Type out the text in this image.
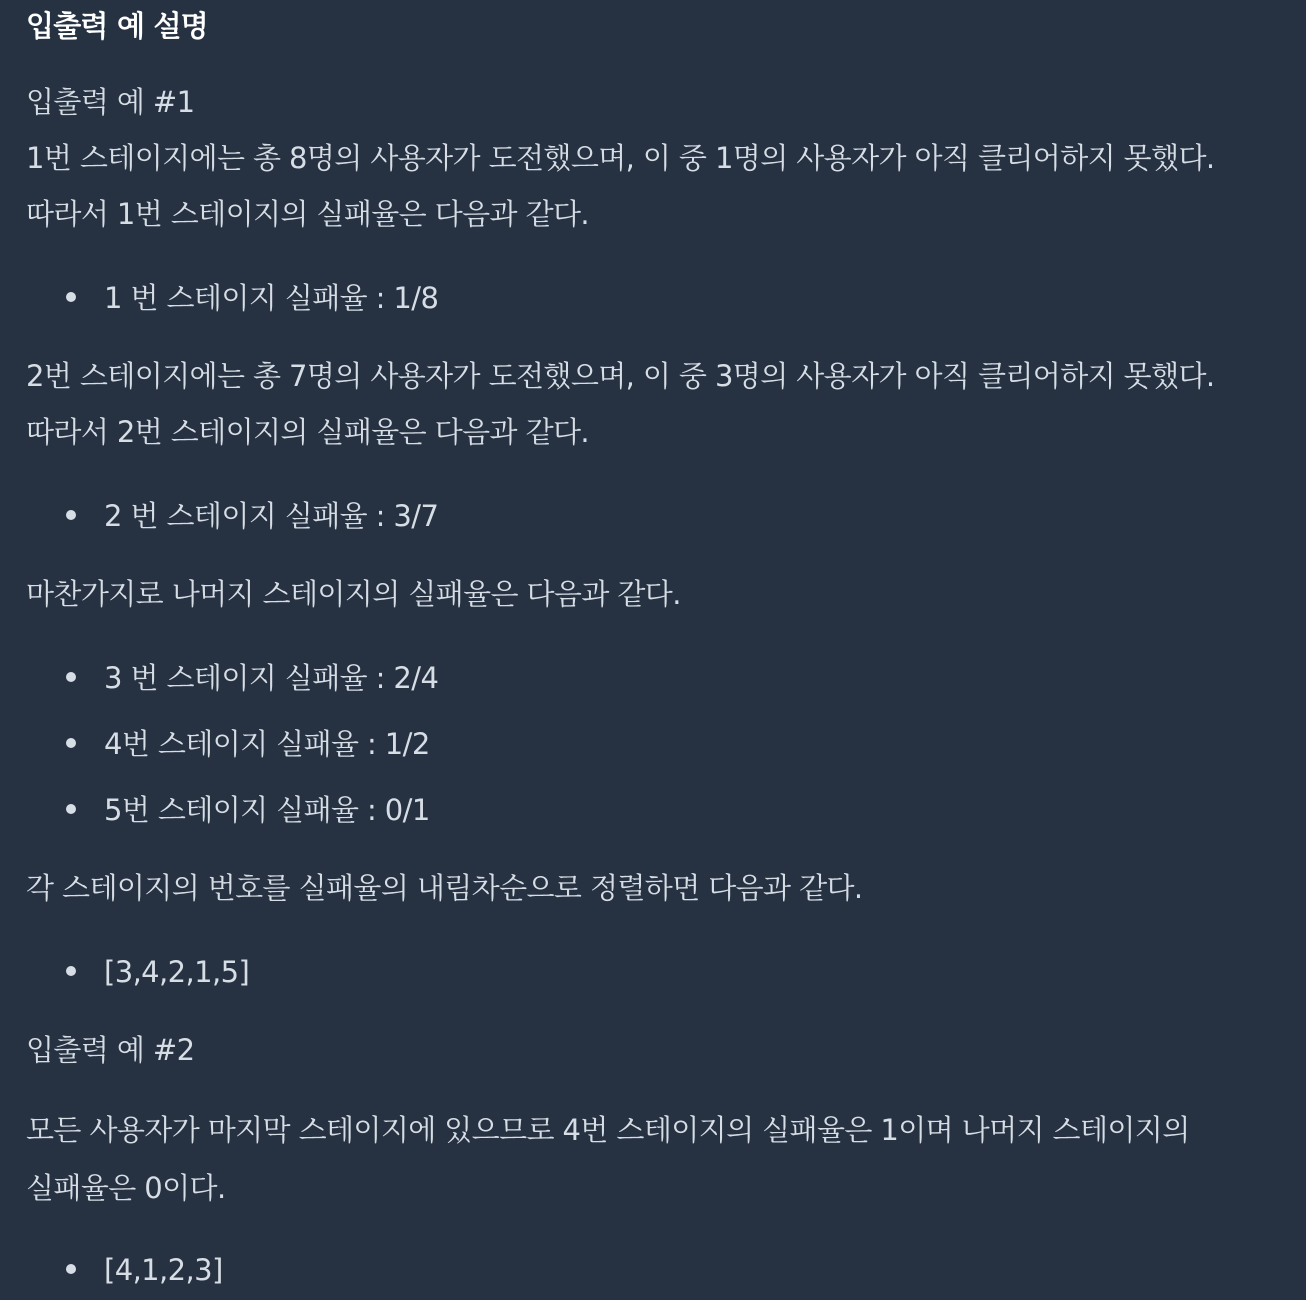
입출력 예 설명
입출력 예 #1
1번 스테이지에는 총 8명의 사용자가 도전했으며, 이 중 1명의 사용자가 아직 클리어하지 못했다.
따라서 1번 스테이지의 실패율은 다음과 같다.
1 번 스테이지 실패율 : 1/8
2번 스테이지에는 총 7명의 사용자가 도전했으며, 이 중 3명의 사용자가 아직 클리어하지 못했다.
따라서 2번 스테이지의 실패율은 다음과 같다.
2 번 스테이지 실패율 : 3/7
마찬가지로 나머지 스테이지의 실패율은 다음과 같다.
3 번 스테이지 실패율 : 2/4
4번 스테이지 실패율 : 1/2
5번 스테이지 실패율 : 0/1
각 스테이지의 번호를 실패율의 내림차순으로 정렬하면 다음과 같다.
[3,4,2,1,5]
입출력 예 #2
모든 사용자가 마지막 스테이지에 있으므로 4번 스테이지의 실패율은 1이며 나머지 스테이지의
실패율은 0이다.
[4,1,2,3]
